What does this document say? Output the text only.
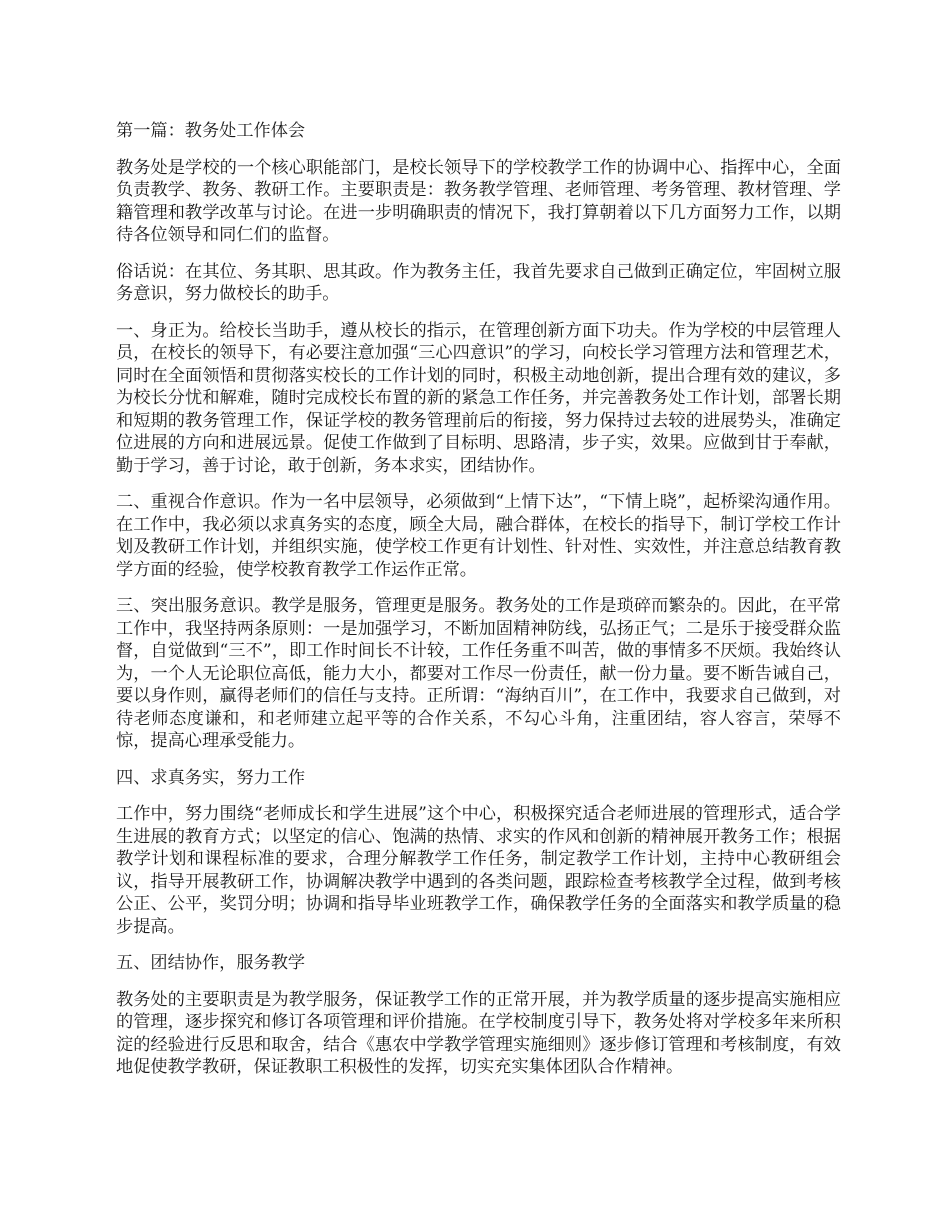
第一篇：教务处工作体会

教务处是学校的一个核心职能部门，是校长领导下的学校教学工作的协调中心、指挥中心，全面负责教学、教务、教研工作。主要职责是：教务教学管理、老师管理、考务管理、教材管理、学籍管理和教学改革与讨论。在进一步明确职责的情况下，我打算朝着以下几方面努力工作，以期待各位领导和同仁们的监督。

俗话说：在其位、务其职、思其政。作为教务主任，我首先要求自己做到正确定位，牢固树立服务意识，努力做校长的助手。

一、身正为。给校长当助手，遵从校长的指示，在管理创新方面下功夫。作为学校的中层管理人员，在校长的领导下，有必要注意加强“三心四意识”的学习，向校长学习管理方法和管理艺术，同时在全面领悟和贯彻落实校长的工作计划的同时，积极主动地创新，提出合理有效的建议，多为校长分忧和解难，随时完成校长布置的新的紧急工作任务，并完善教务处工作计划，部署长期和短期的教务管理工作，保证学校的教务管理前后的衔接，努力保持过去较的进展势头，准确定位进展的方向和进展远景。促使工作做到了目标明、思路清，步子实，效果。应做到甘于奉献，勤于学习，善于讨论，敢于创新，务本求实，团结协作。

二、重视合作意识。作为一名中层领导，必须做到“上情下达”，“下情上晓”，起桥梁沟通作用。在工作中，我必须以求真务实的态度，顾全大局，融合群体，在校长的指导下，制订学校工作计划及教研工作计划，并组织实施，使学校工作更有计划性、针对性、实效性，并注意总结教育教学方面的经验，使学校教育教学工作运作正常。

三、突出服务意识。教学是服务，管理更是服务。教务处的工作是琐碎而繁杂的。因此，在平常工作中，我坚持两条原则：一是加强学习，不断加固精神防线，弘扬正气；二是乐于接受群众监督，自觉做到“三不”，即工作时间长不计较，工作任务重不叫苦，做的事情多不厌烦。我始终认为，一个人无论职位高低，能力大小，都要对工作尽一份责任，献一份力量。要不断告诫自己，要以身作则，赢得老师们的信任与支持。正所谓：“海纳百川”，在工作中，我要求自己做到，对待老师态度谦和，和老师建立起平等的合作关系，不勾心斗角，注重团结，容人容言，荣辱不惊，提高心理承受能力。

四、求真务实，努力工作

工作中，努力围绕“老师成长和学生进展”这个中心，积极探究适合老师进展的管理形式，适合学生进展的教育方式；以坚定的信心、饱满的热情、求实的作风和创新的精神展开教务工作；根据教学计划和课程标准的要求，合理分解教学工作任务，制定教学工作计划，主持中心教研组会议，指导开展教研工作，协调解决教学中遇到的各类问题，跟踪检查考核教学全过程，做到考核公正、公平，奖罚分明；协调和指导毕业班教学工作，确保教学任务的全面落实和教学质量的稳步提高。

五、团结协作，服务教学

教务处的主要职责是为教学服务，保证教学工作的正常开展，并为教学质量的逐步提高实施相应的管理，逐步探究和修订各项管理和评价措施。在学校制度引导下，教务处将对学校多年来所积淀的经验进行反思和取舍，结合《惠农中学教学管理实施细则》逐步修订管理和考核制度，有效地促使教学教研，保证教职工积极性的发挥，切实充实集体团队合作精神。
